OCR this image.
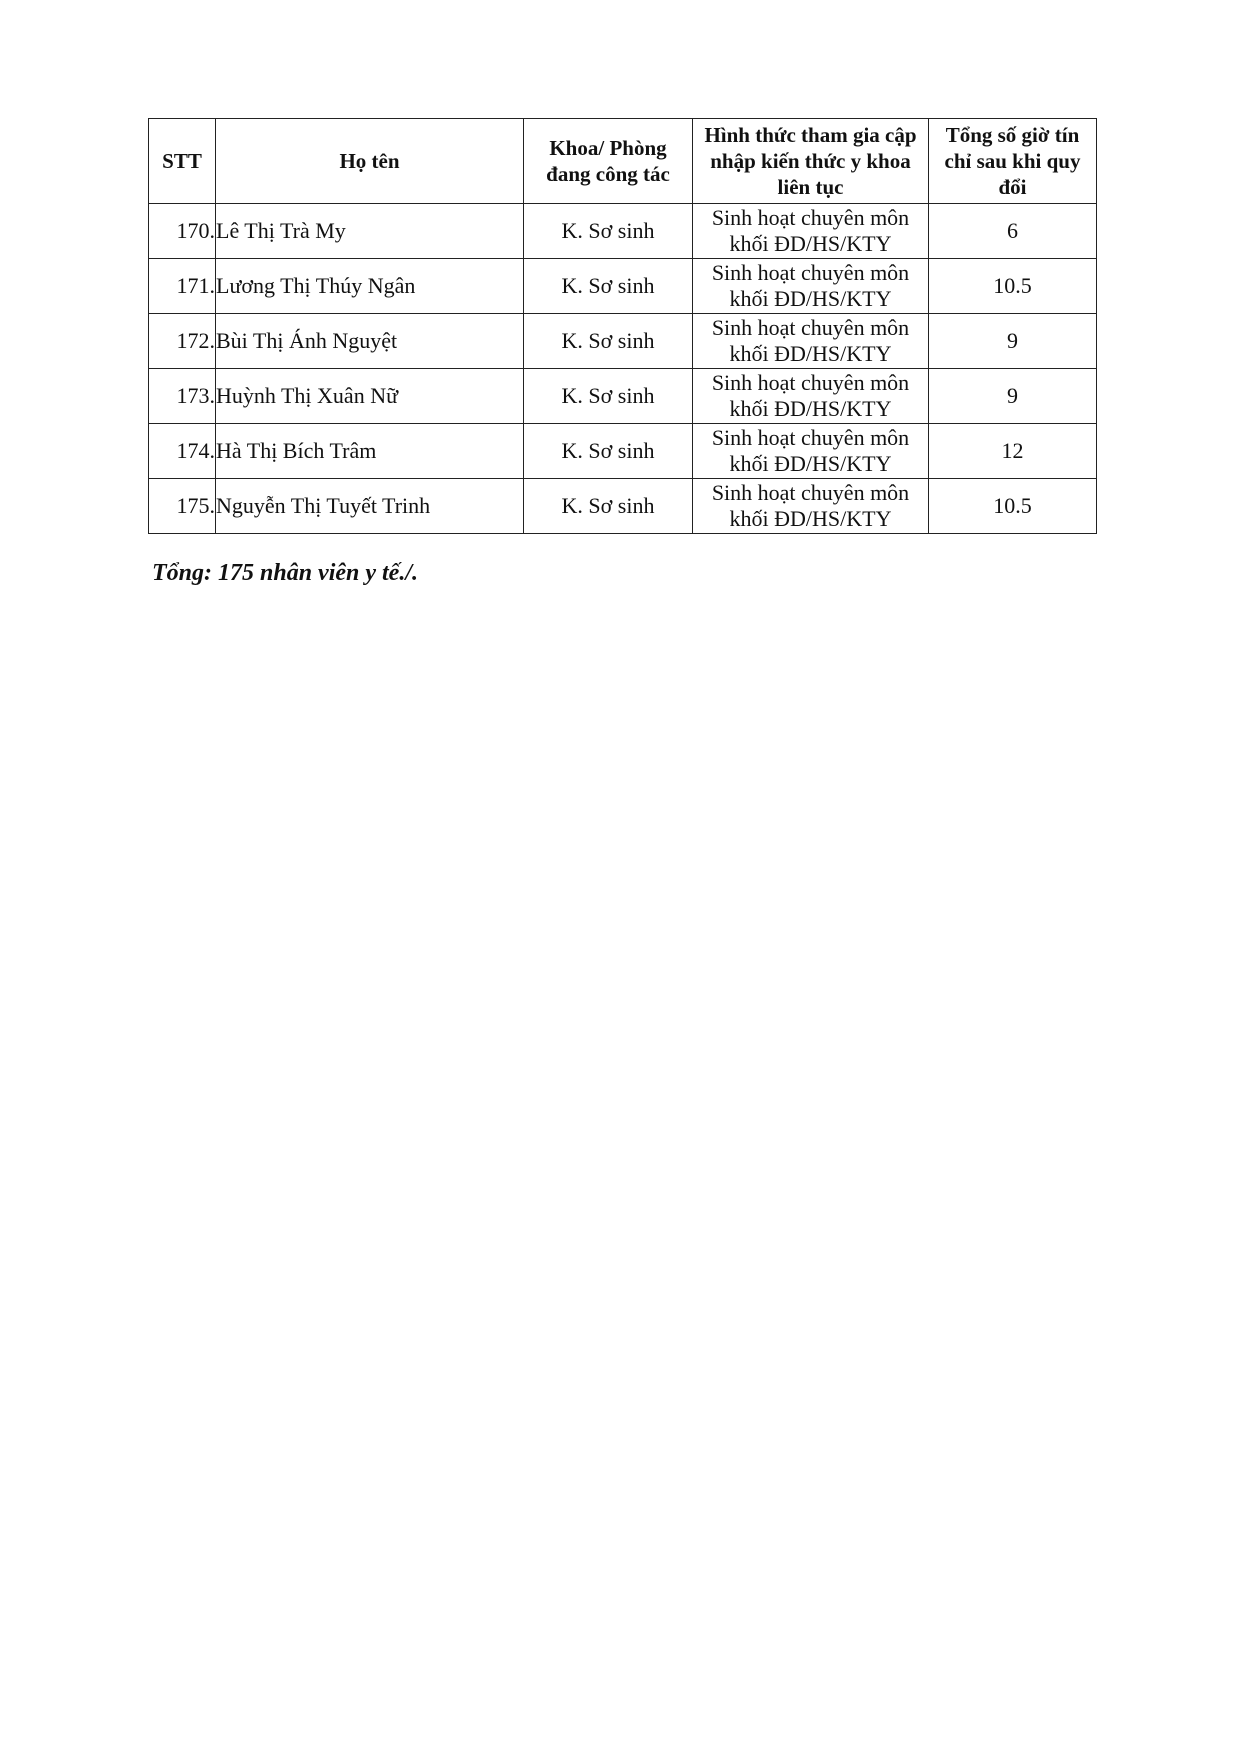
STT	Họ tên	Khoa/ Phòng đang công tác	Hình thức tham gia cập nhập kiến thức y khoa liên tục	Tổng số giờ tín chỉ sau khi quy đổi

170.	Lê Thị Trà My	K. Sơ sinh	Sinh hoạt chuyên môn
khối ĐD/HS/KTY	6
171.	Lương Thị Thúy Ngân	K. Sơ sinh	Sinh hoạt chuyên môn
khối ĐD/HS/KTY	10.5
172.	Bùi Thị Ánh Nguyệt	K. Sơ sinh	Sinh hoạt chuyên môn
khối ĐD/HS/KTY	9
173.	Huỳnh Thị Xuân Nữ	K. Sơ sinh	Sinh hoạt chuyên môn
khối ĐD/HS/KTY	9
174.	Hà Thị Bích Trâm	K. Sơ sinh	Sinh hoạt chuyên môn
khối ĐD/HS/KTY	12
175.	Nguyễn Thị Tuyết Trinh	K. Sơ sinh	Sinh hoạt chuyên môn
khối ĐD/HS/KTY	10.5
Tổng: 175 nhân viên y tế./.
